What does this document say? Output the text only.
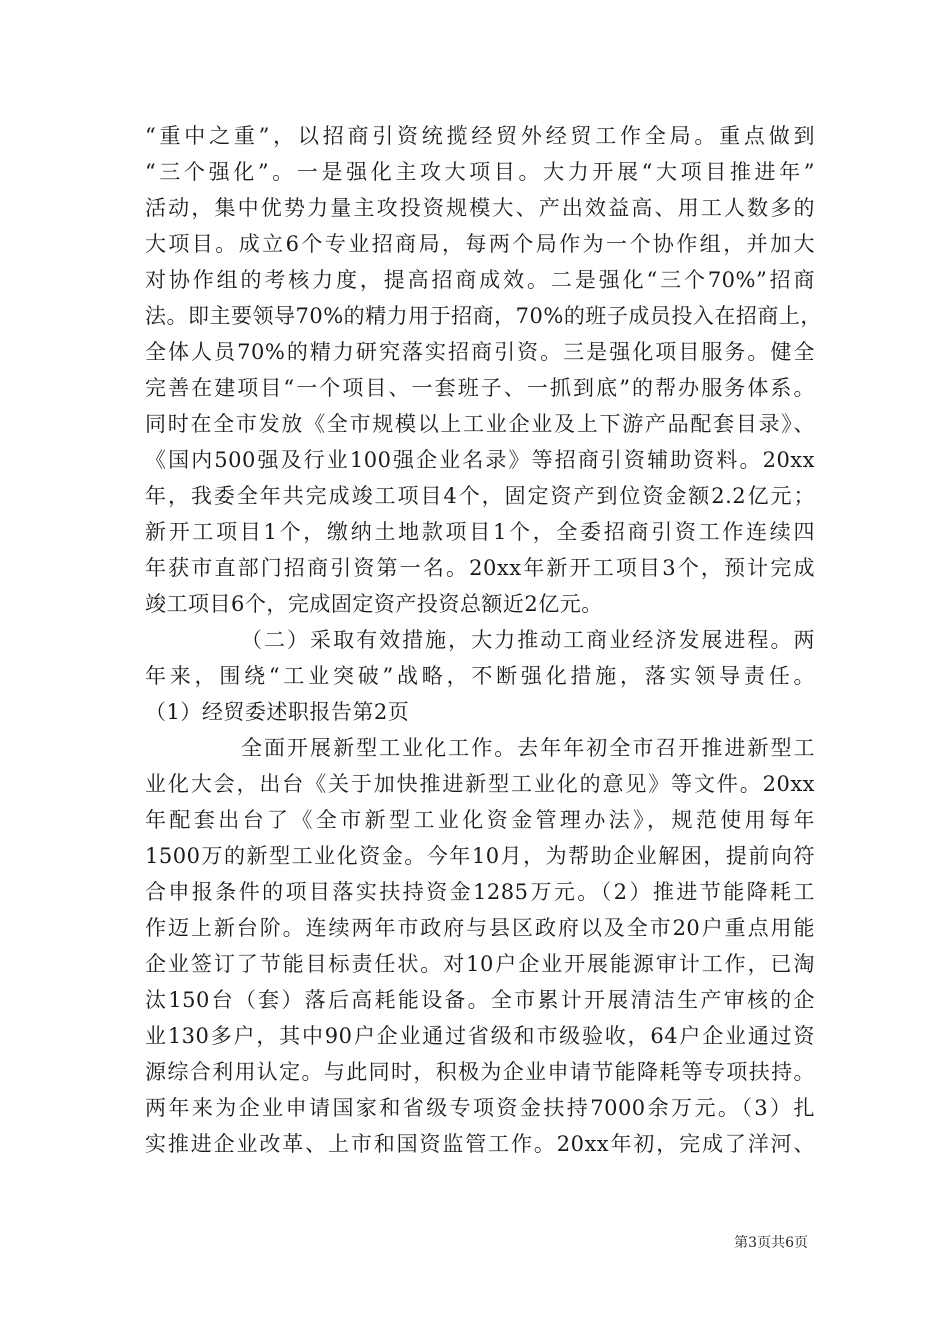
“重中之重”，以招商引资统揽经贸外经贸工作全局。重点做到
“三个强化”。一是强化主攻大项目。大力开展“大项目推进年”
活动，集中优势力量主攻投资规模大、产出效益高、用工人数多的
大项目。成立6个专业招商局，每两个局作为一个协作组，并加大
对协作组的考核力度，提高招商成效。二是强化“三个70%”招商
法。即主要领导70%的精力用于招商，70%的班子成员投入在招商上，
全体人员70%的精力研究落实招商引资。三是强化项目服务。健全
完善在建项目“一个项目、一套班子、一抓到底”的帮办服务体系。
同时在全市发放《全市规模以上工业企业及上下游产品配套目录》、
《国内500强及行业100强企业名录》等招商引资辅助资料。20xx
年，我委全年共完成竣工项目4个，固定资产到位资金额2.2亿元；
新开工项目1个，缴纳土地款项目1个，全委招商引资工作连续四
年获市直部门招商引资第一名。20xx年新开工项目3个，预计完成
竣工项目6个，完成固定资产投资总额近2亿元。
（二）采取有效措施，大力推动工商业经济发展进程。两
年来，围绕“工业突破”战略，不断强化措施，落实领导责任。
（1）经贸委述职报告第2页
全面开展新型工业化工作。去年年初全市召开推进新型工
业化大会，出台《关于加快推进新型工业化的意见》等文件。20xx
年配套出台了《全市新型工业化资金管理办法》，规范使用每年
1500万的新型工业化资金。今年10月，为帮助企业解困，提前向符
合申报条件的项目落实扶持资金1285万元。（2）推进节能降耗工
作迈上新台阶。连续两年市政府与县区政府以及全市20户重点用能
企业签订了节能目标责任状。对10户企业开展能源审计工作，已淘
汰150台（套）落后高耗能设备。全市累计开展清洁生产审核的企
业130多户，其中90户企业通过省级和市级验收，64户企业通过资
源综合利用认定。与此同时，积极为企业申请节能降耗等专项扶持。
两年来为企业申请国家和省级专项资金扶持7000余万元。（3）扎
实推进企业改革、上市和国资监管工作。20xx年初，完成了洋河、
第3页共6页
